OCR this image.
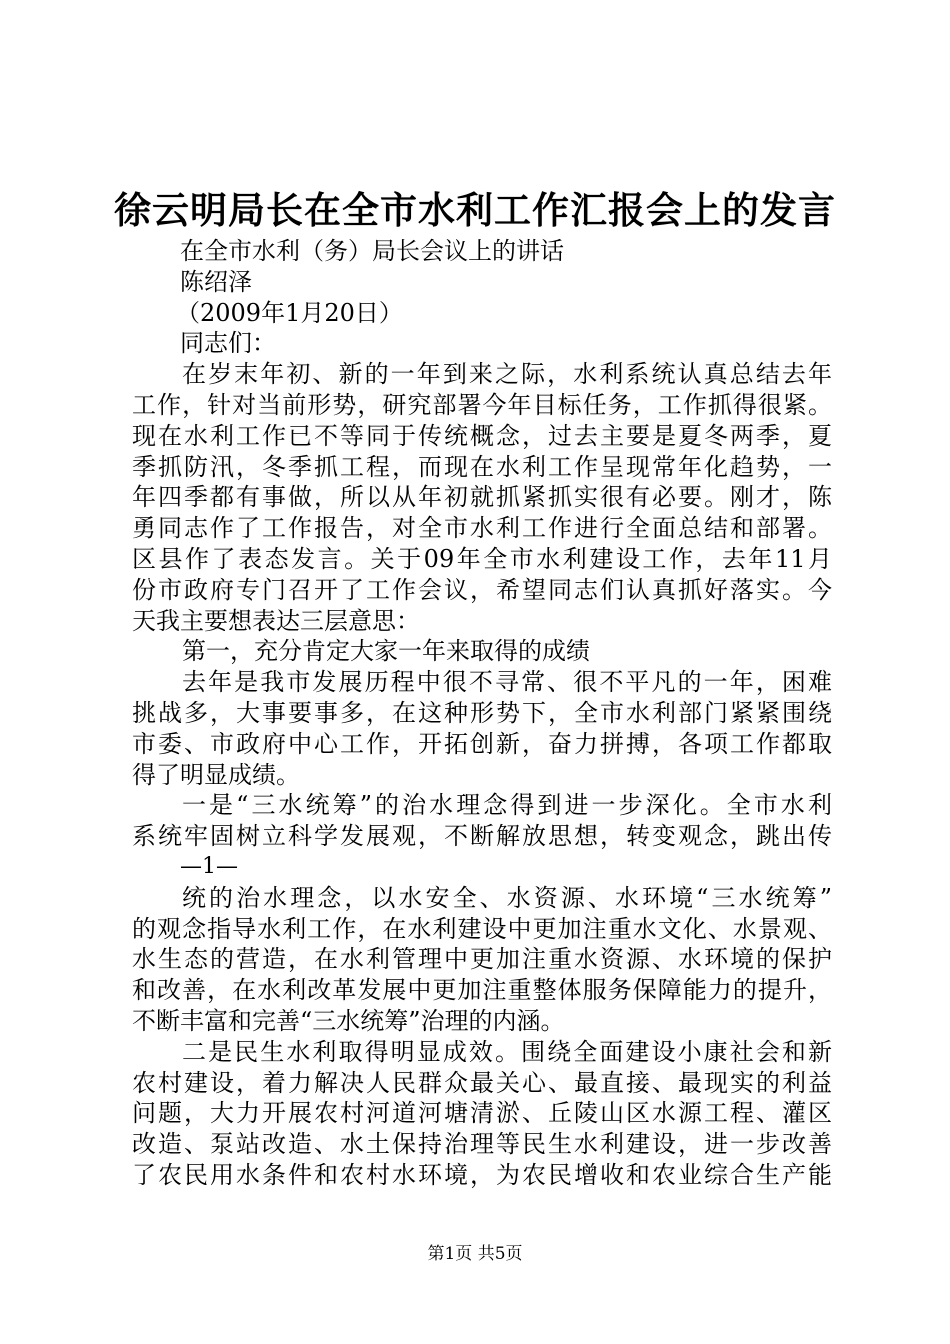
徐云明局长在全市水利工作汇报会上的发言
在全市水利（务）局长会议上的讲话
陈绍泽
（2009年1月20日）
同志们：
在岁末年初、新的一年到来之际，水利系统认真总结去年
工作，针对当前形势，研究部署今年目标任务，工作抓得很紧。
现在水利工作已不等同于传统概念，过去主要是夏冬两季，夏
季抓防汛，冬季抓工程，而现在水利工作呈现常年化趋势，一
年四季都有事做，所以从年初就抓紧抓实很有必要。刚才，陈
勇同志作了工作报告，对全市水利工作进行全面总结和部署。
区县作了表态发言。关于09年全市水利建设工作，去年11月
份市政府专门召开了工作会议，希望同志们认真抓好落实。今
天我主要想表达三层意思：
第一，充分肯定大家一年来取得的成绩
去年是我市发展历程中很不寻常、很不平凡的一年，困难
挑战多，大事要事多，在这种形势下，全市水利部门紧紧围绕
市委、市政府中心工作，开拓创新，奋力拼搏，各项工作都取
得了明显成绩。
一是“三水统筹”的治水理念得到进一步深化。全市水利
系统牢固树立科学发展观，不断解放思想，转变观念，跳出传
—1—
统的治水理念，以水安全、水资源、水环境“三水统筹”
的观念指导水利工作，在水利建设中更加注重水文化、水景观、
水生态的营造，在水利管理中更加注重水资源、水环境的保护
和改善，在水利改革发展中更加注重整体服务保障能力的提升，
不断丰富和完善“三水统筹”治理的内涵。
二是民生水利取得明显成效。围绕全面建设小康社会和新
农村建设，着力解决人民群众最关心、最直接、最现实的利益
问题，大力开展农村河道河塘清淤、丘陵山区水源工程、灌区
改造、泵站改造、水土保持治理等民生水利建设，进一步改善
了农民用水条件和农村水环境，为农民增收和农业综合生产能
第1页 共5页
